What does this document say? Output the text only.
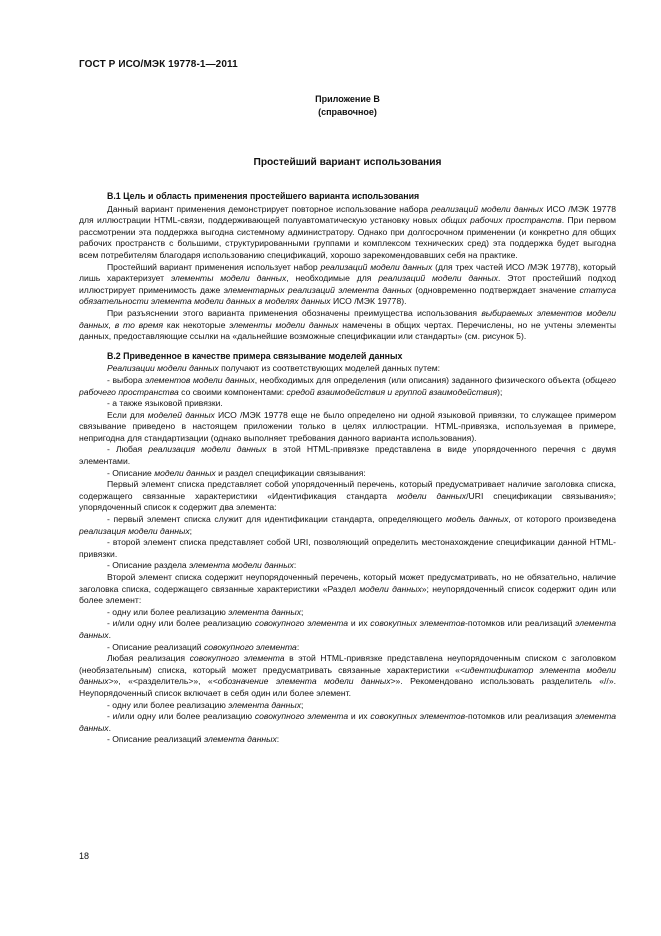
ГОСТ Р ИСО/МЭК 19778-1—2011
Приложение В
(справочное)
Простейший вариант использования

В.1 Цель и область применения простейшего варианта использования

Данный вариант применения демонстрирует повторное использование набора реализаций модели данных ИСО /МЭК 19778 для иллюстрации HTML-связи, поддерживающей полуавтоматическую установку новых общих рабочих пространств. При первом рассмотрении эта поддержка выгодна системному администратору. Однако при долгосрочном применении (и конкретно для общих рабочих пространств с большими, структурированными группами и комплексом технических сред) эта поддержка будет выгодна всем потребителям благодаря использованию спецификаций, хорошо зарекомендовавших себя на практике.

Простейший вариант применения использует набор реализаций модели данных (для трех частей ИСО /МЭК 19778), который лишь характеризует элементы модели данных, необходимые для реализаций модели данных. Этот простейший подход иллюстрирует применимость даже элементарных реализаций элемента данных (одновременно подтверждает значение статуса обязательности элемента модели данных в моделях данных ИСО /МЭК 19778).

При разъяснении этого варианта применения обозначены преимущества использования выбираемых элементов модели данных, в то время как некоторые элементы модели данных намечены в общих чертах. Перечислены, но не учтены элементы данных, предоставляющие ссылки на «дальнейшие возможные спецификации или стандарты» (см. рисунок 5).

В.2 Приведенное в качестве примера связывание моделей данных

Реализации модели данных получают из соответствующих моделей данных путем:

- выбора элементов модели данных, необходимых для определения (или описания) заданного физического объекта (общего рабочего пространства со своими компонентами: средой взаимодействия и группой взаимодействия);

- а также языковой привязки.

Если для моделей данных ИСО /МЭК 19778 еще не было определено ни одной языковой привязки, то служащее примером связывание приведено в настоящем приложении только в целях иллюстрации. HTML-привязка, используемая в примере, непригодна для стандартизации (однако выполняет требования данного варианта использования).

- Любая реализация модели данных в этой HTML-привязке представлена в виде упорядоченного перечня с двумя элементами.

- Описание модели данных и раздел спецификации связывания:

Первый элемент списка представляет собой упорядоченный перечень, который предусматривает наличие заголовка списка, содержащего связанные характеристики «Идентификация стандарта модели данных/URI спецификации связывания»; упорядоченный список к содержит два элемента:

- первый элемент списка служит для идентификации стандарта, определяющего модель данных, от которого произведена реализация модели данных;

- второй элемент списка представляет собой URI, позволяющий определить местонахождение спецификации данной HTML-привязки.

- Описание раздела элемента модели данных:

Второй элемент списка содержит неупорядоченный перечень, который может предусматривать, но не обязательно, наличие заголовка списка, содержащего связанные характеристики «Раздел модели данных»; неупорядоченный список содержит один или более элемент:

- одну или более реализацию элемента данных;

- и/или одну или более реализацию совокупного элемента и их совокупных элементов-потомков или реализаций элемента данных.

- Описание реализаций совокупного элемента:

Любая реализация совокупного элемента в этой HTML-привязке представлена неупорядоченным списком с заголовком (необязательным) списка, который может предусматривать связанные характеристики «<идентификатор элемента модели данных>», «<разделитель>», «<обозначение элемента модели данных>». Рекомендовано использовать разделитель «//». Неупорядоченный список включает в себя один или более элемент.

- одну или более реализацию элемента данных;

- и/или одну или более реализацию совокупного элемента и их совокупных элементов-потомков или реализация элемента данных.

- Описание реализаций элемента данных:

18
